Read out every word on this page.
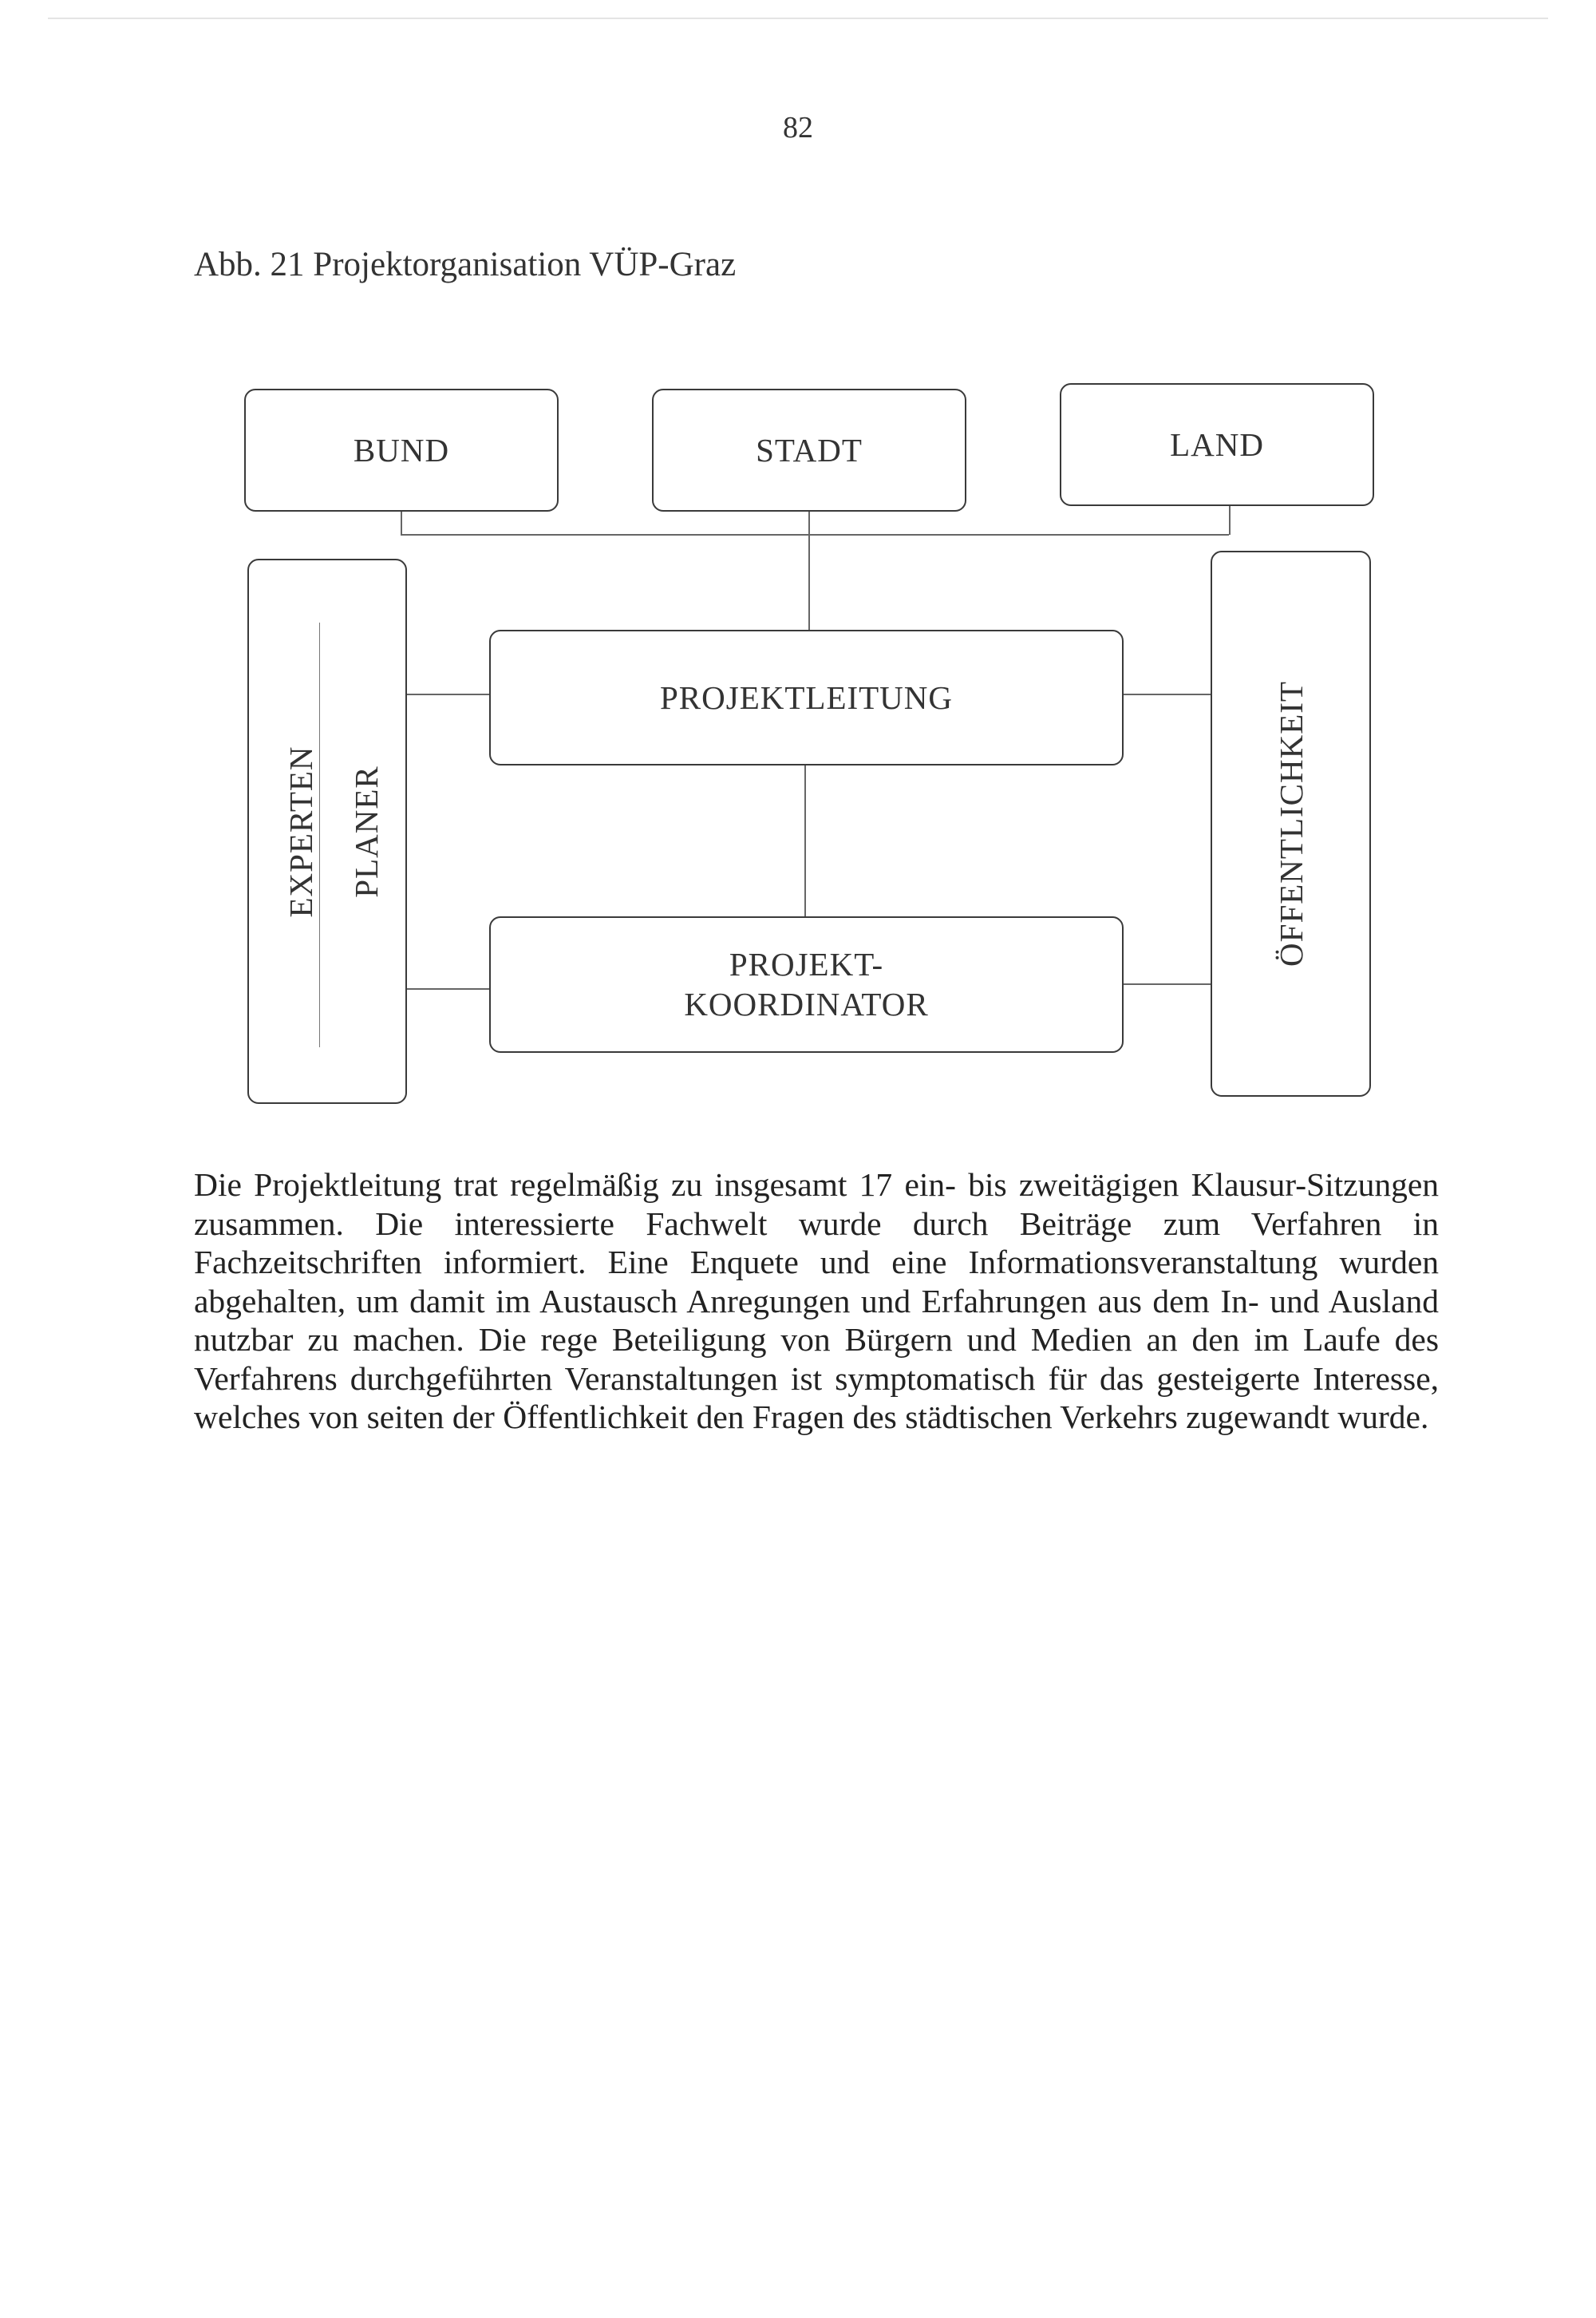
82
Abb. 21 Projektorganisation VÜP-Graz
BUND	STADT	LAND
EXPERTEN PLANER
PROJEKTLEITUNG
PROJEKT-
KOORDINATOR
ÖFFENTLICHKEIT
Die Projektleitung trat regelmäßig zu insgesamt 17 ein- bis zweitägigen Klausur-Sitzungen zusammen. Die interessierte Fachwelt wurde durch Beiträge zum Verfahren in Fachzeitschriften informiert. Eine Enquete und eine Informationsveranstaltung wurden abgehalten, um damit im Austausch Anregungen und Erfahrungen aus dem In- und Ausland nutzbar zu machen. Die rege Beteiligung von Bürgern und Medien an den im Laufe des Verfahrens durchgeführten Veranstaltungen ist symptomatisch für das gesteigerte Interesse, welches von seiten der Öffentlichkeit den Fragen des städtischen Verkehrs zugewandt wurde.
